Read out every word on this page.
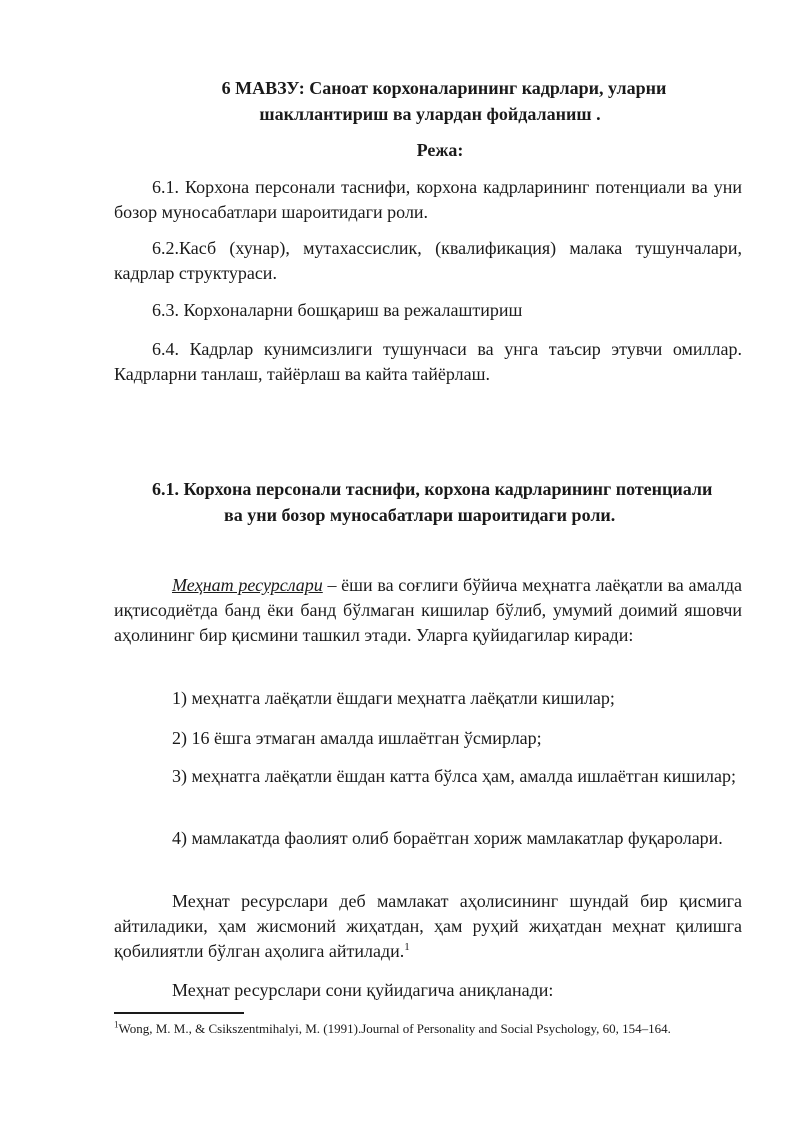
6 МАВЗУ: Саноат корхоналарининг кадрлари, уларни
шакллантириш ва улардан фойдаланиш .
Режа:

6.1. Корхона персонали таснифи, корхона кадрларининг потенциали ва уни бозор муносабатлари шароитидаги роли.

6.2.Касб (хунар), мутахассислик, (квалификация) малака тушунчалари, кадрлар структураси.

6.3. Корхоналарни бошқариш ва режалаштириш

6.4. Кадрлар кунимсизлиги тушунчаси ва унга таъсир этувчи омиллар. Кадрларни танлаш, тайёрлаш ва кайта тайёрлаш.

6.1. Корхона персонали таснифи, корхона кадрларининг потенциали
ва уни бозор муносабатлари шароитидаги роли.

Меҳнат ресурслари – ёши ва соғлиги бўйича меҳнатга лаёқатли ва амалда иқтисодиётда банд ёки банд бўлмаган кишилар бўлиб, умумий доимий яшовчи аҳолининг бир қисмини ташкил этади. Уларга қуйидагилар киради:

1) меҳнатга лаёқатли ёшдаги меҳнатга лаёқатли кишилар;

2) 16 ёшга этмаган амалда ишлаётган ўсмирлар;

3) меҳнатга лаёқатли ёшдан катта бўлса ҳам, амалда ишлаётган кишилар;

4) мамлакатда фаолият олиб бораётган хориж мамлакатлар фуқаролари.

Меҳнат ресурслари деб мамлакат аҳолисининг шундай бир қисмига айтиладики, ҳам жисмоний жиҳатдан, ҳам руҳий жиҳатдан меҳнат қилишга қобилиятли бўлган аҳолига айтилади.$^1$

Меҳнат ресурслари сони қуйидагича аниқланади:

$^1$Wong, M. M., & Csikszentmihalyi, M. (1991).Journal of Personality and Social Psychology, 60, 154–164.
